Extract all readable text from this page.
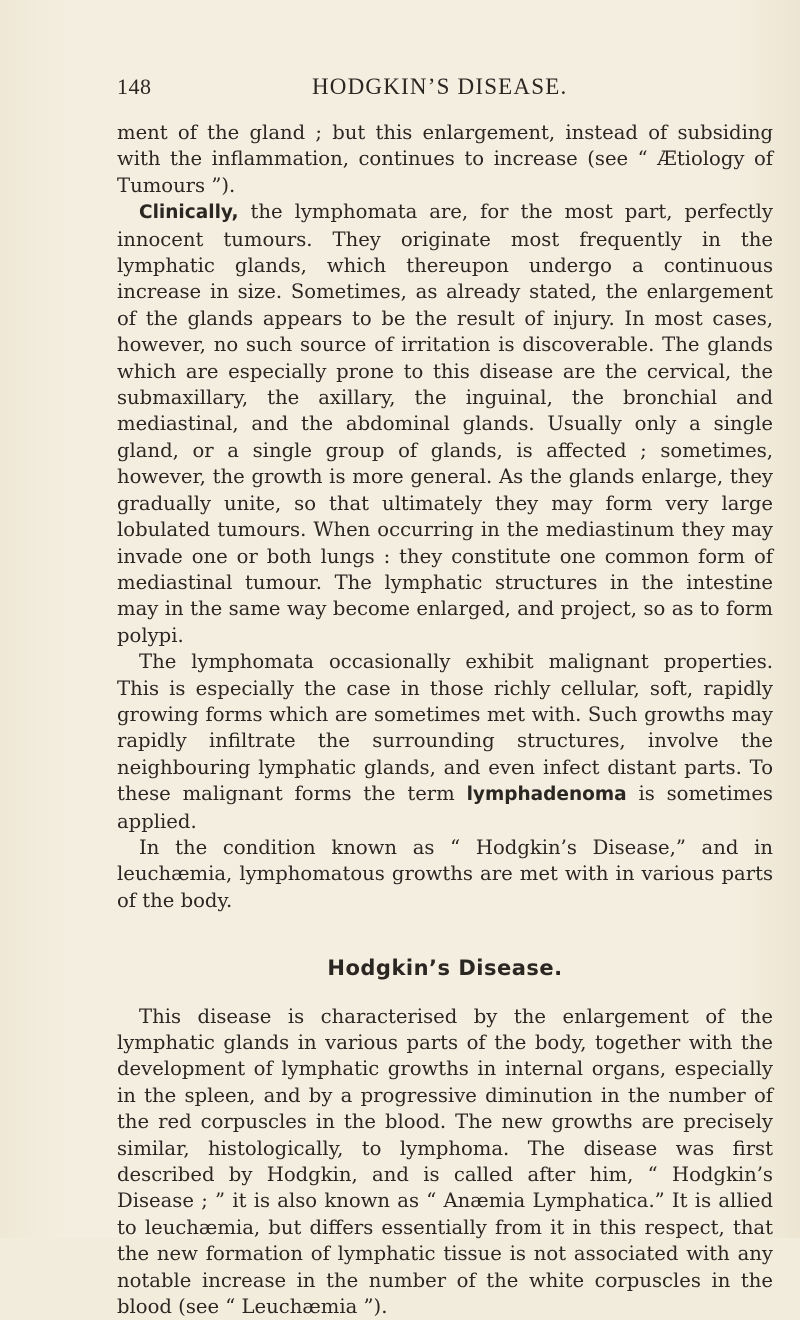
148	HODGKIN’S DISEASE.

ment of the gland ; but this enlargement, instead of subsiding with the inflammation, continues to increase (see “ Ætiology of Tumours ”).

Clinically, the lymphomata are, for the most part, perfectly innocent tumours. They originate most frequently in the lymphatic glands, which thereupon undergo a continuous increase in size. Sometimes, as already stated, the enlargement of the glands appears to be the result of injury. In most cases, however, no such source of irritation is discoverable. The glands which are especially prone to this disease are the cervical, the submaxillary, the axillary, the inguinal, the bronchial and mediastinal, and the abdominal glands. Usually only a single gland, or a single group of glands, is affected ; sometimes, however, the growth is more general. As the glands enlarge, they gradually unite, so that ultimately they may form very large lobulated tumours. When occurring in the mediastinum they may invade one or both lungs : they constitute one common form of mediastinal tumour. The lymphatic structures in the intestine may in the same way become enlarged, and project, so as to form polypi.

The lymphomata occasionally exhibit malignant properties. This is especially the case in those richly cellular, soft, rapidly growing forms which are sometimes met with. Such growths may rapidly infiltrate the surrounding structures, involve the neighbouring lymphatic glands, and even infect distant parts. To these malignant forms the term lymphadenoma is sometimes applied.

In the condition known as “ Hodgkin’s Disease,” and in leuchæmia, lymphomatous growths are met with in various parts of the body.

Hodgkin’s Disease.

This disease is characterised by the enlargement of the lymphatic glands in various parts of the body, together with the development of lymphatic growths in internal organs, especially in the spleen, and by a progressive diminution in the number of the red corpuscles in the blood. The new growths are precisely similar, histologically, to lymphoma. The disease was first described by Hodgkin, and is called after him, “ Hodgkin’s Disease ; ” it is also known as “ Anæmia Lymphatica.” It is allied to leuchæmia, but differs essentially from it in this respect, that the new formation of lymphatic tissue is not associated with any notable increase in the number of the white corpuscles in the blood (see “ Leuchæmia ”).
